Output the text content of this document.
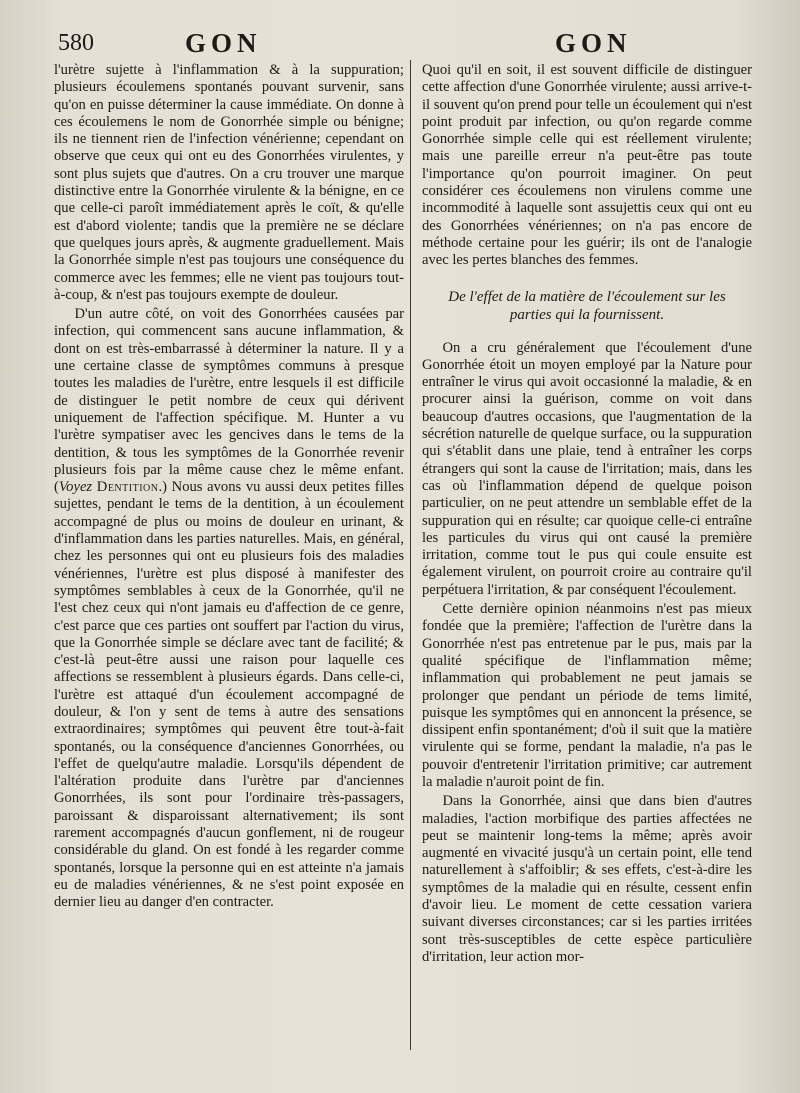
580	GON	GON

l'urètre sujette à l'inflammation & à la suppuration; plusieurs écoulemens spontanés pouvant survenir, sans qu'on en puisse déterminer la cause immédiate. On donne à ces écoulemens le nom de Gonorrhée simple ou bénigne; ils ne tiennent rien de l'infection vénérienne; cependant on observe que ceux qui ont eu des Gonorrhées virulentes, y sont plus sujets que d'autres. On a cru trouver une marque distinctive entre la Gonorrhée virulente & la bénigne, en ce que celle-ci paroît immédiatement après le coït, & qu'elle est d'abord violente; tandis que la première ne se déclare que quelques jours après, & augmente graduellement. Mais la Gonorrhée simple n'est pas toujours une conséquence du commerce avec les femmes; elle ne vient pas toujours tout-à-coup, & n'est pas toujours exempte de douleur.

D'un autre côté, on voit des Gonorrhées causées par infection, qui commencent sans aucune inflammation, & dont on est très-embarrassé à déterminer la nature. Il y a une certaine classe de symptômes communs à presque toutes les maladies de l'urètre, entre lesquels il est difficile de distinguer le petit nombre de ceux qui dérivent uniquement de l'affection spécifique. M. Hunter a vu l'urètre sympatiser avec les gencives dans le tems de la dentition, & tous les symptômes de la Gonorrhée revenir plusieurs fois par la même cause chez le même enfant. (Voyez Dentition.) Nous avons vu aussi deux petites filles sujettes, pendant le tems de la dentition, à un écoulement accompagné de plus ou moins de douleur en urinant, & d'inflammation dans les parties naturelles. Mais, en général, chez les personnes qui ont eu plusieurs fois des maladies vénériennes, l'urètre est plus disposé à manifester des symptômes semblables à ceux de la Gonorrhée, qu'il ne l'est chez ceux qui n'ont jamais eu d'affection de ce genre, c'est parce que ces parties ont souffert par l'action du virus, que la Gonorrhée simple se déclare avec tant de facilité; & c'est-là peut-être aussi une raison pour laquelle ces affections se ressemblent à plusieurs égards. Dans celle-ci, l'urètre est attaqué d'un écoulement accompagné de douleur, & l'on y sent de tems à autre des sensations extraordinaires; symptômes qui peuvent être tout-à-fait spontanés, ou la conséquence d'anciennes Gonorrhées, ou l'effet de quelqu'autre maladie. Lorsqu'ils dépendent de l'altération produite dans l'urètre par d'anciennes Gonorrhées, ils sont pour l'ordinaire très-passagers, paroissant & disparoissant alternativement; ils sont rarement accompagnés d'aucun gonflement, ni de rougeur considérable du gland. On est fondé à les regarder comme spontanés, lorsque la personne qui en est atteinte n'a jamais eu de maladies vénériennes, & ne s'est point exposée en dernier lieu au danger d'en contracter.

Quoi qu'il en soit, il est souvent difficile de distinguer cette affection d'une Gonorrhée virulente; aussi arrive-t-il souvent qu'on prend pour telle un écoulement qui n'est point produit par infection, ou qu'on regarde comme Gonorrhée simple celle qui est réellement virulente; mais une pareille erreur n'a peut-être pas toute l'importance qu'on pourroit imaginer. On peut considérer ces écoulemens non virulens comme une incommodité à laquelle sont assujettis ceux qui ont eu des Gonorrhées vénériennes; on n'a pas encore de méthode certaine pour les guérir; ils ont de l'analogie avec les pertes blanches des femmes.

De l'effet de la matière de l'écoulement sur les parties qui la fournissent.

On a cru généralement que l'écoulement d'une Gonorrhée étoit un moyen employé par la Nature pour entraîner le virus qui avoit occasionné la maladie, & en procurer ainsi la guérison, comme on voit dans beaucoup d'autres occasions, que l'augmentation de la sécrétion naturelle de quelque surface, ou la suppuration qui s'établit dans une plaie, tend à entraîner les corps étrangers qui sont la cause de l'irritation; mais, dans les cas où l'inflammation dépend de quelque poison particulier, on ne peut attendre un semblable effet de la suppuration qui en résulte; car quoique celle-ci entraîne les particules du virus qui ont causé la première irritation, comme tout le pus qui coule ensuite est également virulent, on pourroit croire au contraire qu'il perpétuera l'irritation, & par conséquent l'écoulement.

Cette dernière opinion néanmoins n'est pas mieux fondée que la première; l'affection de l'urètre dans la Gonorrhée n'est pas entretenue par le pus, mais par la qualité spécifique de l'inflammation même; inflammation qui probablement ne peut jamais se prolonger que pendant un période de tems limité, puisque les symptômes qui en annoncent la présence, se dissipent enfin spontanément; d'où il suit que la matière virulente qui se forme, pendant la maladie, n'a pas le pouvoir d'entretenir l'irritation primitive; car autrement la maladie n'auroit point de fin.

Dans la Gonorrhée, ainsi que dans bien d'autres maladies, l'action morbifique des parties affectées ne peut se maintenir long-tems la même; après avoir augmenté en vivacité jusqu'à un certain point, elle tend naturellement à s'affoiblir; & ses effets, c'est-à-dire les symptômes de la maladie qui en résulte, cessent enfin d'avoir lieu. Le moment de cette cessation variera suivant diverses circonstances; car si les parties irritées sont très-susceptibles de cette espèce particulière d'irritation, leur action mor-
